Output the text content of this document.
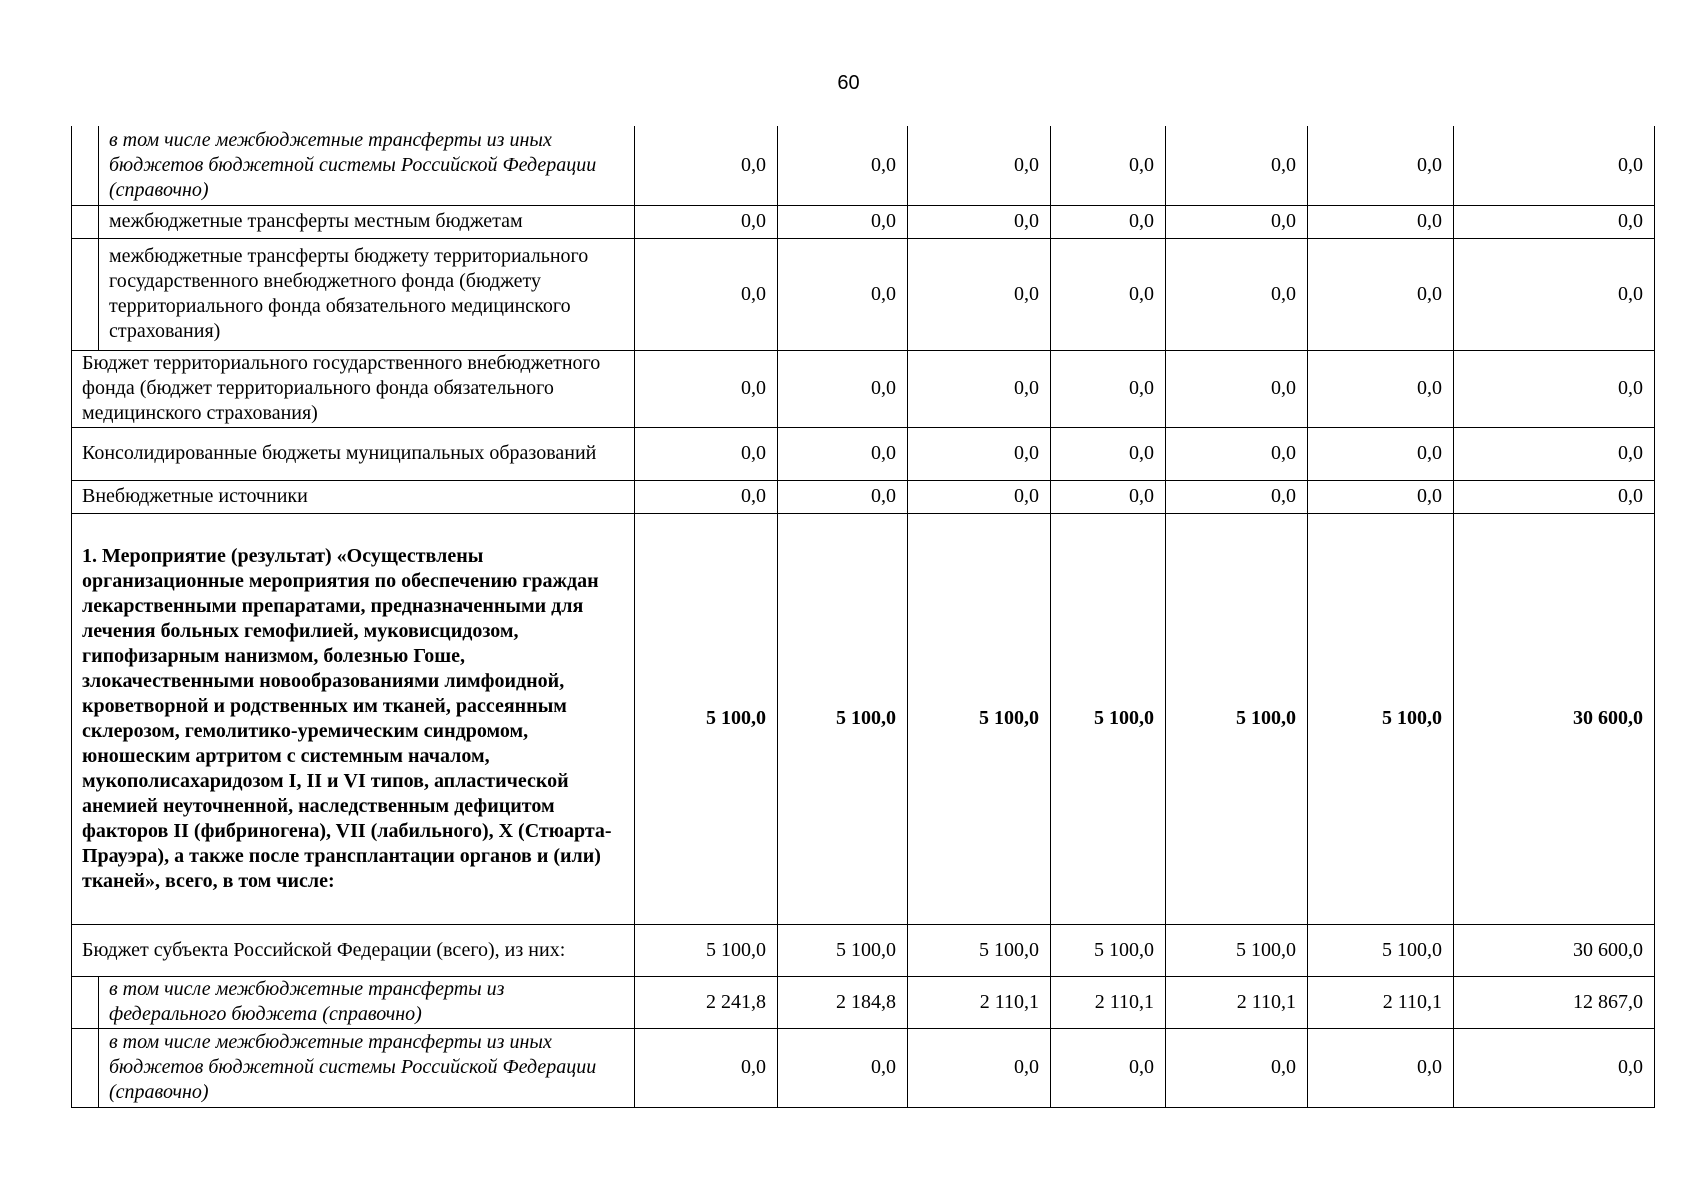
60
	в том числе межбюджетные трансферты из иных бюджетов бюджетной системы Российской Федерации (справочно)	0,0	0,0	0,0	0,0	0,0	0,0	0,0
	межбюджетные трансферты местным бюджетам	0,0	0,0	0,0	0,0	0,0	0,0	0,0
	межбюджетные трансферты бюджету территориального государственного внебюджетного фонда (бюджету территориального фонда обязательного медицинского страхования)	0,0	0,0	0,0	0,0	0,0	0,0	0,0
Бюджет территориального государственного внебюджетного фонда (бюджет территориального фонда обязательного медицинского страхования)		0,0	0,0	0,0	0,0	0,0	0,0	0,0
Консолидированные бюджеты муниципальных образований		0,0	0,0	0,0	0,0	0,0	0,0	0,0
Внебюджетные источники		0,0	0,0	0,0	0,0	0,0	0,0	0,0
1. Мероприятие (результат) «Осуществлены организационные мероприятия по обеспечению граждан лекарственными препаратами, предназначенными для лечения больных гемофилией, муковисцидозом, гипофизарным нанизмом, болезнью Гоше, злокачественными новообразованиями лимфоидной, кроветворной и родственных им тканей, рассеянным склерозом, гемолитико-уремическим синдромом, юношеским артритом с системным началом, мукополисахаридозом I, II и VI типов, апластической анемией неуточненной, наследственным дефицитом факторов II (фибриногена), VII (лабильного), X (Стюарта-Прауэра), а также после трансплантации органов и (или) тканей», всего, в том числе:		5 100,0	5 100,0	5 100,0	5 100,0	5 100,0	5 100,0	30 600,0
Бюджет субъекта Российской Федерации (всего), из них:		5 100,0	5 100,0	5 100,0	5 100,0	5 100,0	5 100,0	30 600,0
	в том числе межбюджетные трансферты из федерального бюджета (справочно)	2 241,8	2 184,8	2 110,1	2 110,1	2 110,1	2 110,1	12 867,0
	в том числе межбюджетные трансферты из иных бюджетов бюджетной системы Российской Федерации (справочно)	0,0	0,0	0,0	0,0	0,0	0,0	0,0
